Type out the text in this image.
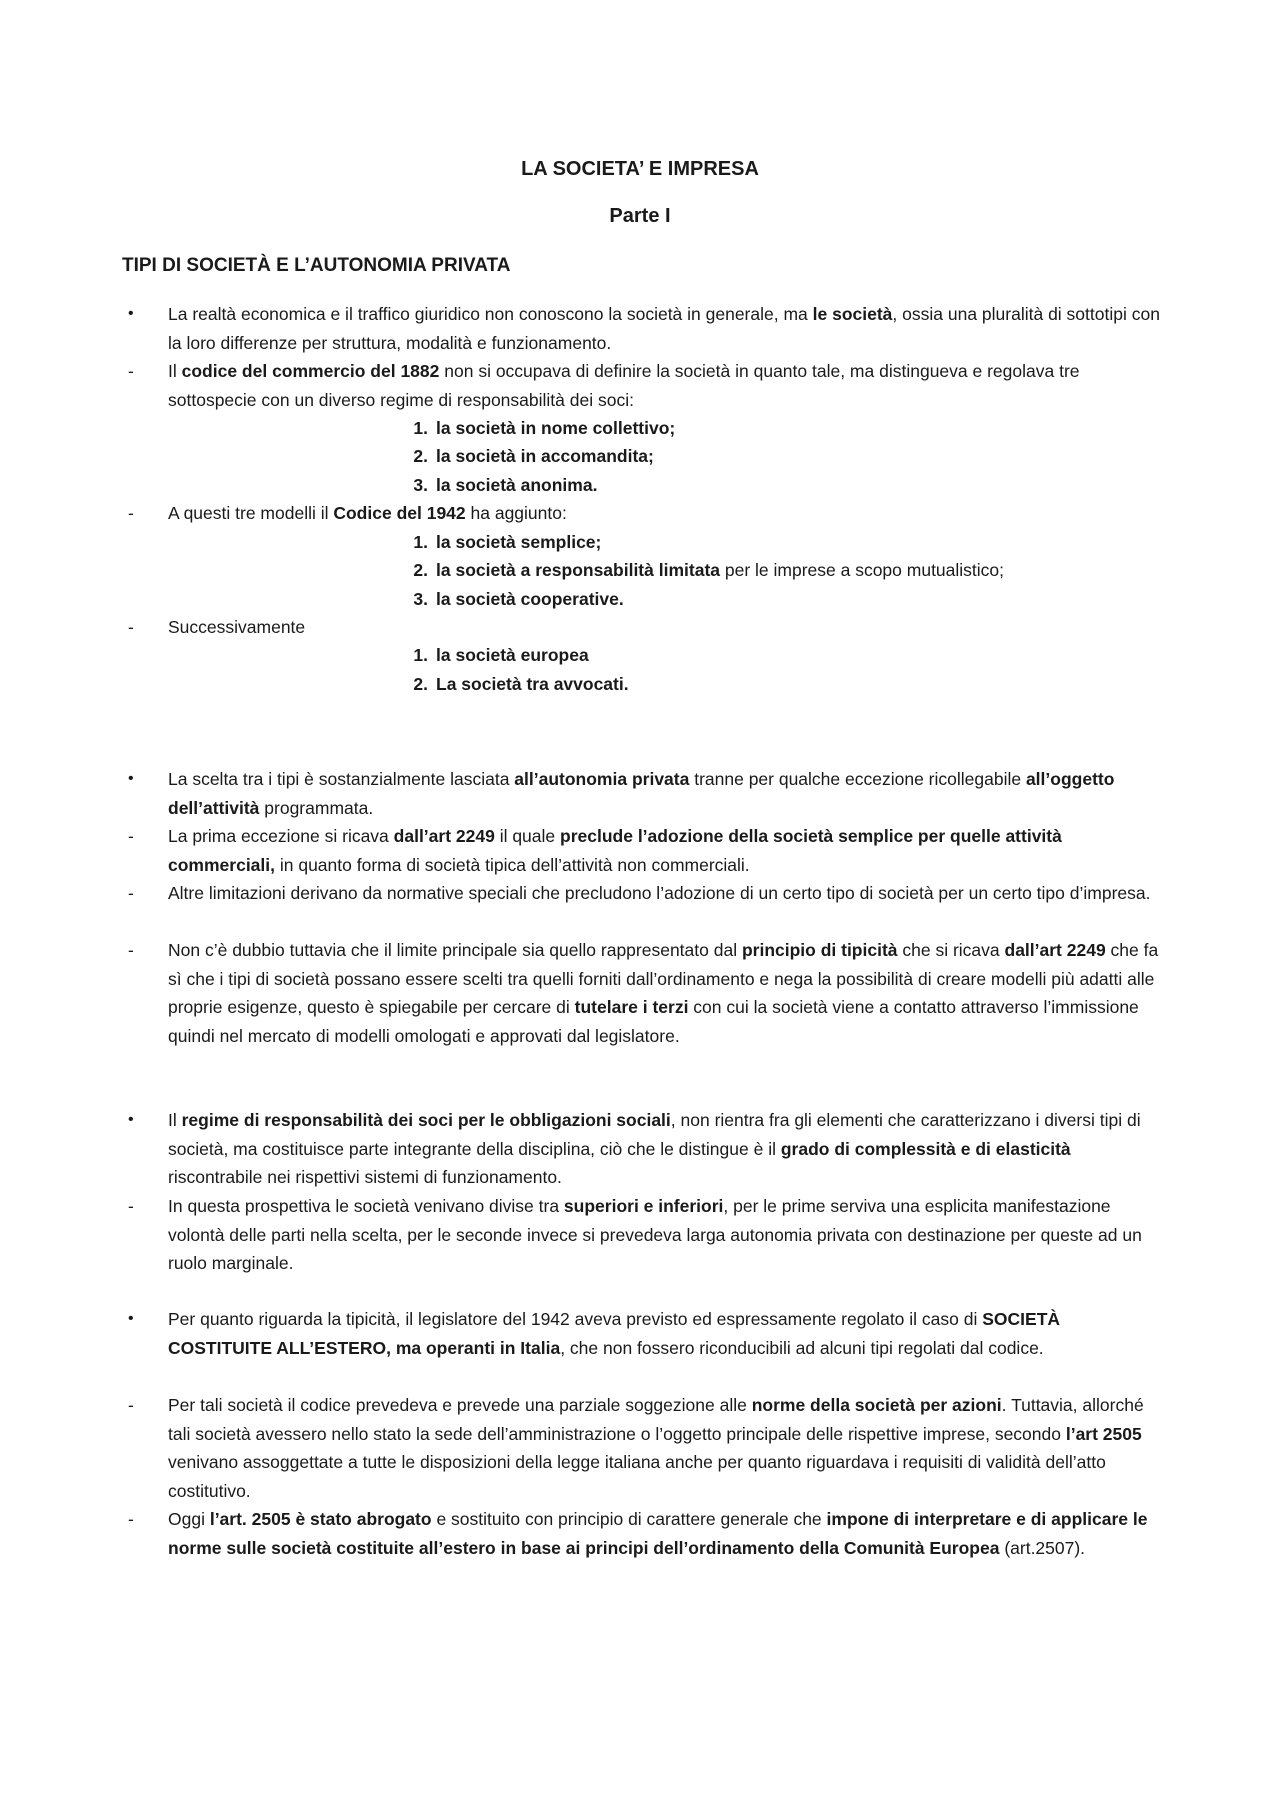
LA SOCIETA’ E IMPRESA
Parte I
TIPI DI SOCIETÀ E L’AUTONOMIA PRIVATA
•	La realtà economica e il traffico giuridico non conoscono la società in generale, ma le società, ossia una pluralità di sottotipi con la loro differenze per struttura, modalità e funzionamento.
-	Il codice del commercio del 1882 non si occupava di definire la società in quanto tale, ma distingueva e regolava tre sottospecie con un diverso regime di responsabilità dei soci:
1. la società in nome collettivo;
2. la società in accomandita;
3. la società anonima.
-	A questi tre modelli il Codice del 1942 ha aggiunto:
1. la società semplice;
2. la società a responsabilità limitata per le imprese a scopo mutualistico;
3. la società cooperative.
-	Successivamente
1. la società europea
2. La società tra avvocati.
•	La scelta tra i tipi è sostanzialmente lasciata all’autonomia privata tranne per qualche eccezione ricollegabile all’oggetto dell’attività programmata.
-	La prima eccezione si ricava dall’art 2249 il quale preclude l’adozione della società semplice per quelle attività commerciali, in quanto forma di società tipica dell’attività non commerciali.
-	Altre limitazioni derivano da normative speciali che precludono l’adozione di un certo tipo di società per un certo tipo d’impresa.
-	Non c’è dubbio tuttavia che il limite principale sia quello rappresentato dal principio di tipicità che si ricava dall’art 2249 che fa sì che i tipi di società possano essere scelti tra quelli forniti dall’ordinamento e nega la possibilità di creare modelli più adatti alle proprie esigenze, questo è spiegabile per cercare di tutelare i terzi con cui la società viene a contatto attraverso l’immissione quindi nel mercato di modelli omologati e approvati dal legislatore.
•	Il regime di responsabilità dei soci per le obbligazioni sociali, non rientra fra gli elementi che caratterizzano i diversi tipi di società, ma costituisce parte integrante della disciplina, ciò che le distingue è il grado di complessità e di elasticità riscontrabile nei rispettivi sistemi di funzionamento.
-	In questa prospettiva le società venivano divise tra superiori e inferiori, per le prime serviva una esplicita manifestazione volontà delle parti nella scelta, per le seconde invece si prevedeva larga autonomia privata con destinazione per queste ad un ruolo marginale.
•	Per quanto riguarda la tipicità, il legislatore del 1942 aveva previsto ed espressamente regolato il caso di SOCIETÀ COSTITUITE ALL’ESTERO, ma operanti in Italia, che non fossero riconducibili ad alcuni tipi regolati dal codice.
-	Per tali società il codice prevedeva e prevede una parziale soggezione alle norme della società per azioni. Tuttavia, allorché tali società avessero nello stato la sede dell’amministrazione o l’oggetto principale delle rispettive imprese, secondo l’art 2505 venivano assoggettate a tutte le disposizioni della legge italiana anche per quanto riguardava i requisiti di validità dell’atto costitutivo.
-	Oggi l’art. 2505 è stato abrogato e sostituito con principio di carattere generale che impone di interpretare e di applicare le norme sulle società costituite all’estero in base ai principi dell’ordinamento della Comunità Europea (art.2507).
